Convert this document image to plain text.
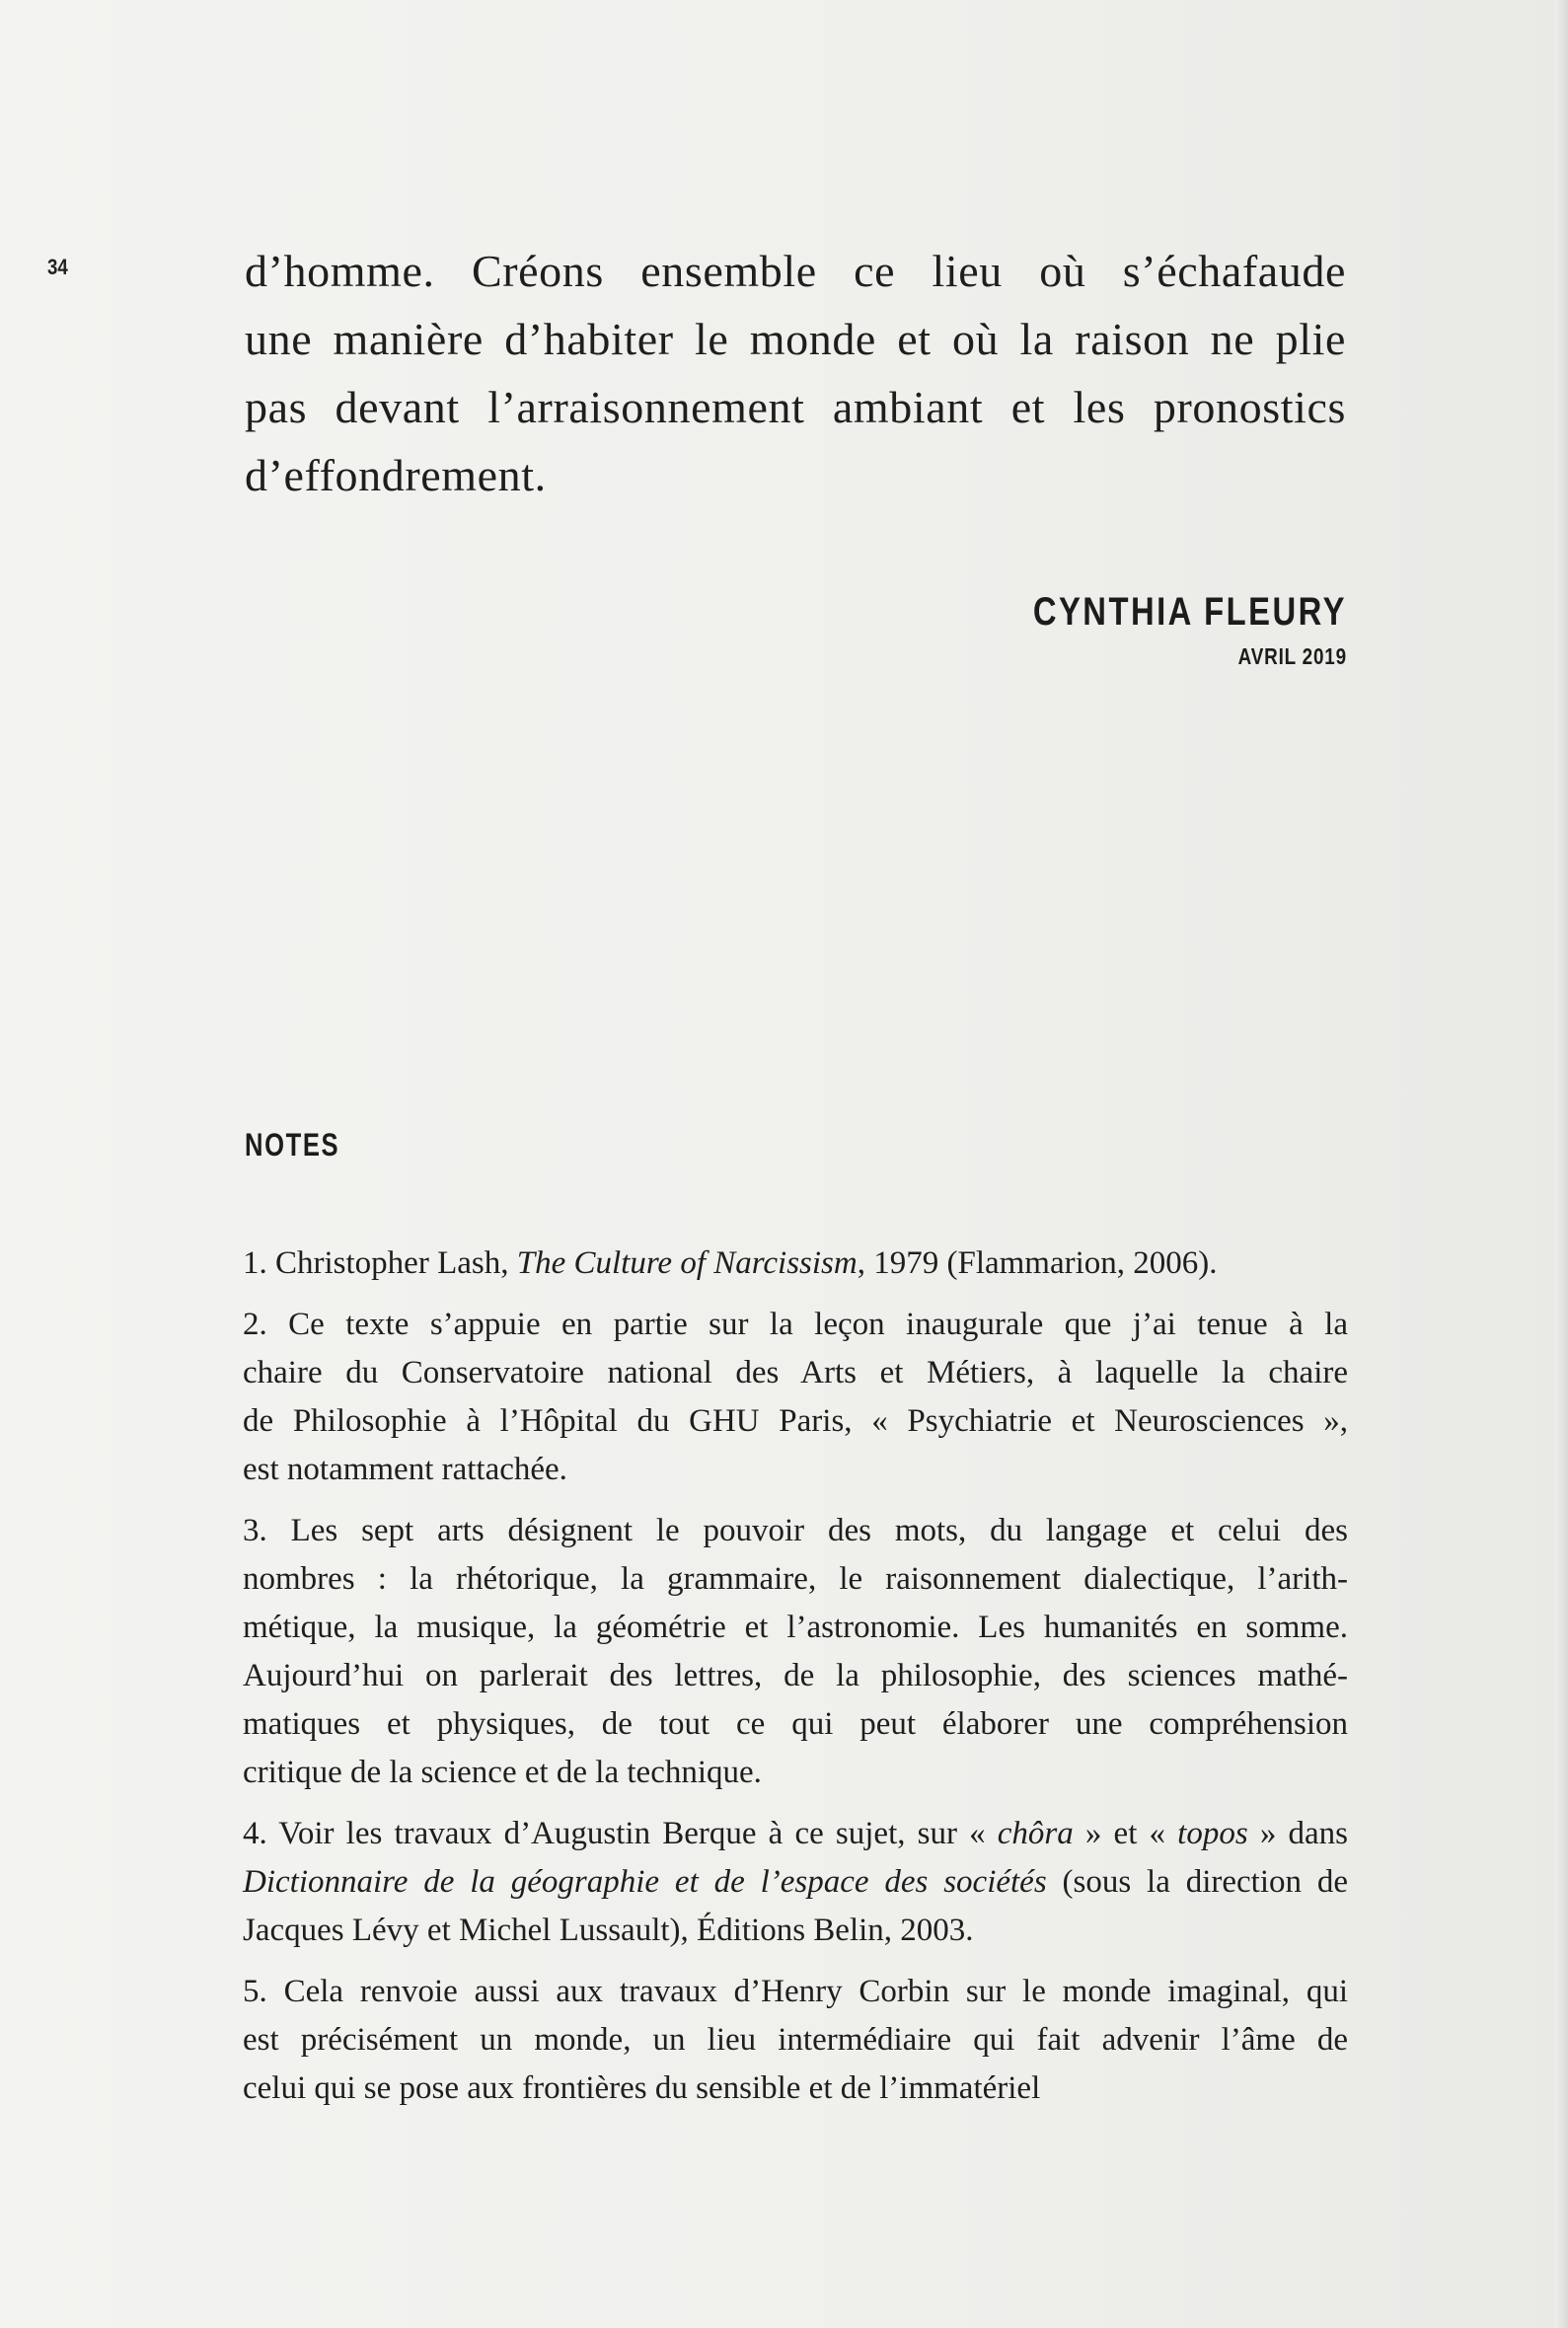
34	d’homme. Créons ensemble ce lieu où s’échafaude
une manière d’habiter le monde et où la raison ne plie
pas devant l’arraisonnement ambiant et les pronostics
d’effondrement.
CYNTHIA FLEURY
AVRIL 2019
NOTES
1. Christopher Lash, The Culture of Narcissism, 1979 (Flammarion, 2006).
2. Ce texte s’appuie en partie sur la leçon inaugurale que j’ai tenue à la
chaire du Conservatoire national des Arts et Métiers, à laquelle la chaire
de Philosophie à l’Hôpital du GHU Paris, « Psychiatrie et Neurosciences »,
est notamment rattachée.
3. Les sept arts désignent le pouvoir des mots, du langage et celui des
nombres : la rhétorique, la grammaire, le raisonnement dialectique, l’arith-
métique, la musique, la géométrie et l’astronomie. Les humanités en somme.
Aujourd’hui on parlerait des lettres, de la philosophie, des sciences mathé-
matiques et physiques, de tout ce qui peut élaborer une compréhension
critique de la science et de la technique.
4. Voir les travaux d’Augustin Berque à ce sujet, sur « chôra » et « topos » dans
Dictionnaire de la géographie et de l’espace des sociétés (sous la direction de
Jacques Lévy et Michel Lussault), Éditions Belin, 2003.
5. Cela renvoie aussi aux travaux d’Henry Corbin sur le monde imaginal, qui
est précisément un monde, un lieu intermédiaire qui fait advenir l’âme de
celui qui se pose aux frontières du sensible et de l’immatériel
